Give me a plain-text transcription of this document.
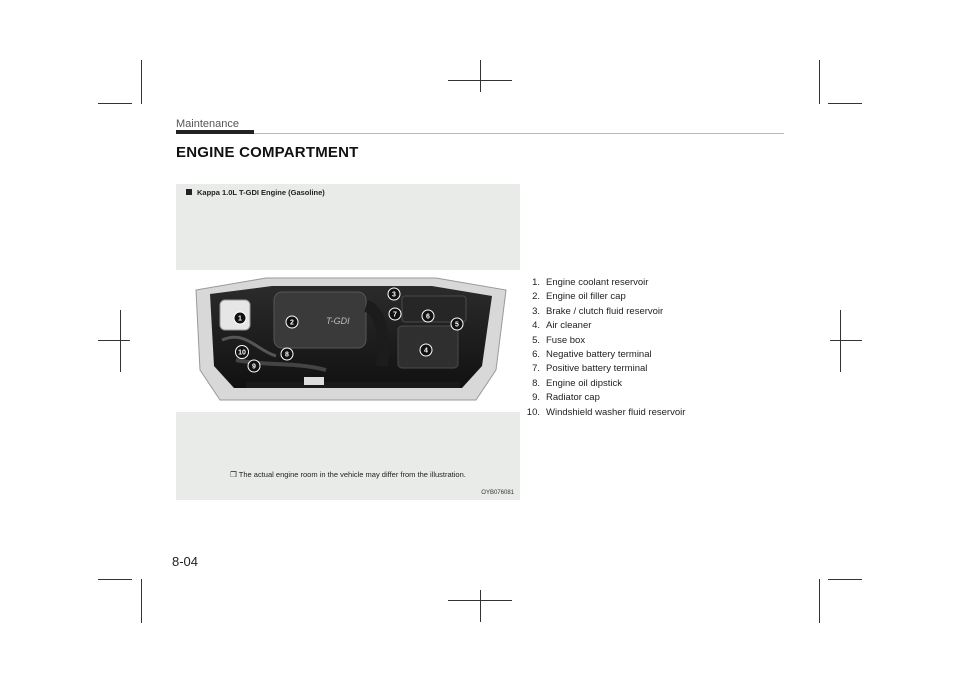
Maintenance
ENGINE COMPARTMENT
Kappa 1.0L T-GDI Engine (Gasoline)
T-GDI
1
2
3
4
5
6
7
8
9
10
❒ The actual engine room in the vehicle may differ from the illustration.
OYB076081
1. Engine coolant reservoir
2. Engine oil filler cap
3. Brake / clutch fluid reservoir
4. Air cleaner
5. Fuse box
6. Negative battery terminal
7. Positive battery terminal
8. Engine oil dipstick
9. Radiator cap
10. Windshield washer fluid reservoir
8-04
